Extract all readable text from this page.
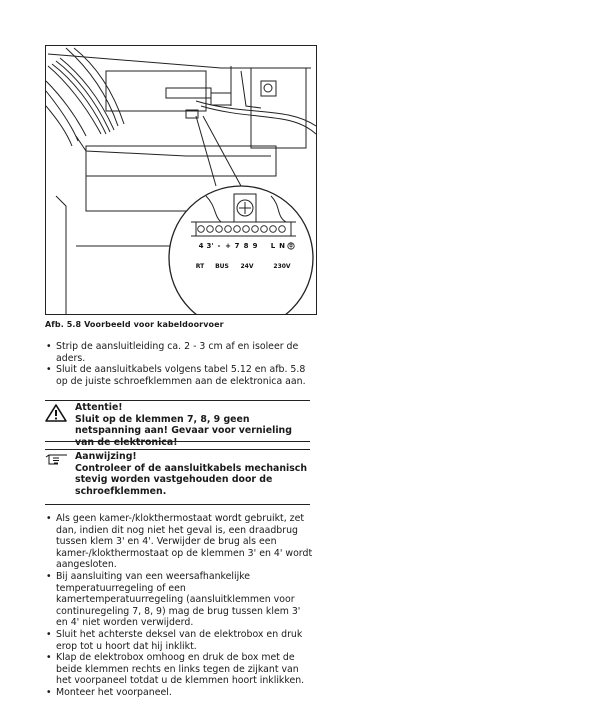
4 3' - + 7 8 9 L N
RT BUS 24V	230V
Afb. 5.8 Voorbeeld voor kabeldoorvoer
• Strip de aansluitleiding ca. 2 - 3 cm af en isoleer de aders.
• Sluit de aansluitkabels volgens tabel 5.12 en afb. 5.8 op de juiste schroefklemmen aan de elektronica aan.
Attentie!
Sluit op de klemmen 7, 8, 9 geen netspanning aan! Gevaar voor vernieling van de elektronica!
Aanwijzing!
Controleer of de aansluitkabels mechanisch stevig worden vastgehouden door de schroefklemmen.
• Als geen kamer-/klokthermostaat wordt gebruikt, zet dan, indien dit nog niet het geval is, een draadbrug tussen klem 3' en 4'. Verwijder de brug als een kamer-/klokthermostaat op de klemmen 3' en 4' wordt aangesloten.
• Bij aansluiting van een weersafhankelijke temperatuurregeling of een kamertemperatuurregeling (aansluitklemmen voor continuregeling 7, 8, 9) mag de brug tussen klem 3' en 4' niet worden verwijderd.
• Sluit het achterste deksel van de elektrobox en druk erop tot u hoort dat hij inklikt.
• Klap de elektrobox omhoog en druk de box met de beide klemmen rechts en links tegen de zijkant van het voorpaneel totdat u de klemmen hoort inklikken.
• Monteer het voorpaneel.
